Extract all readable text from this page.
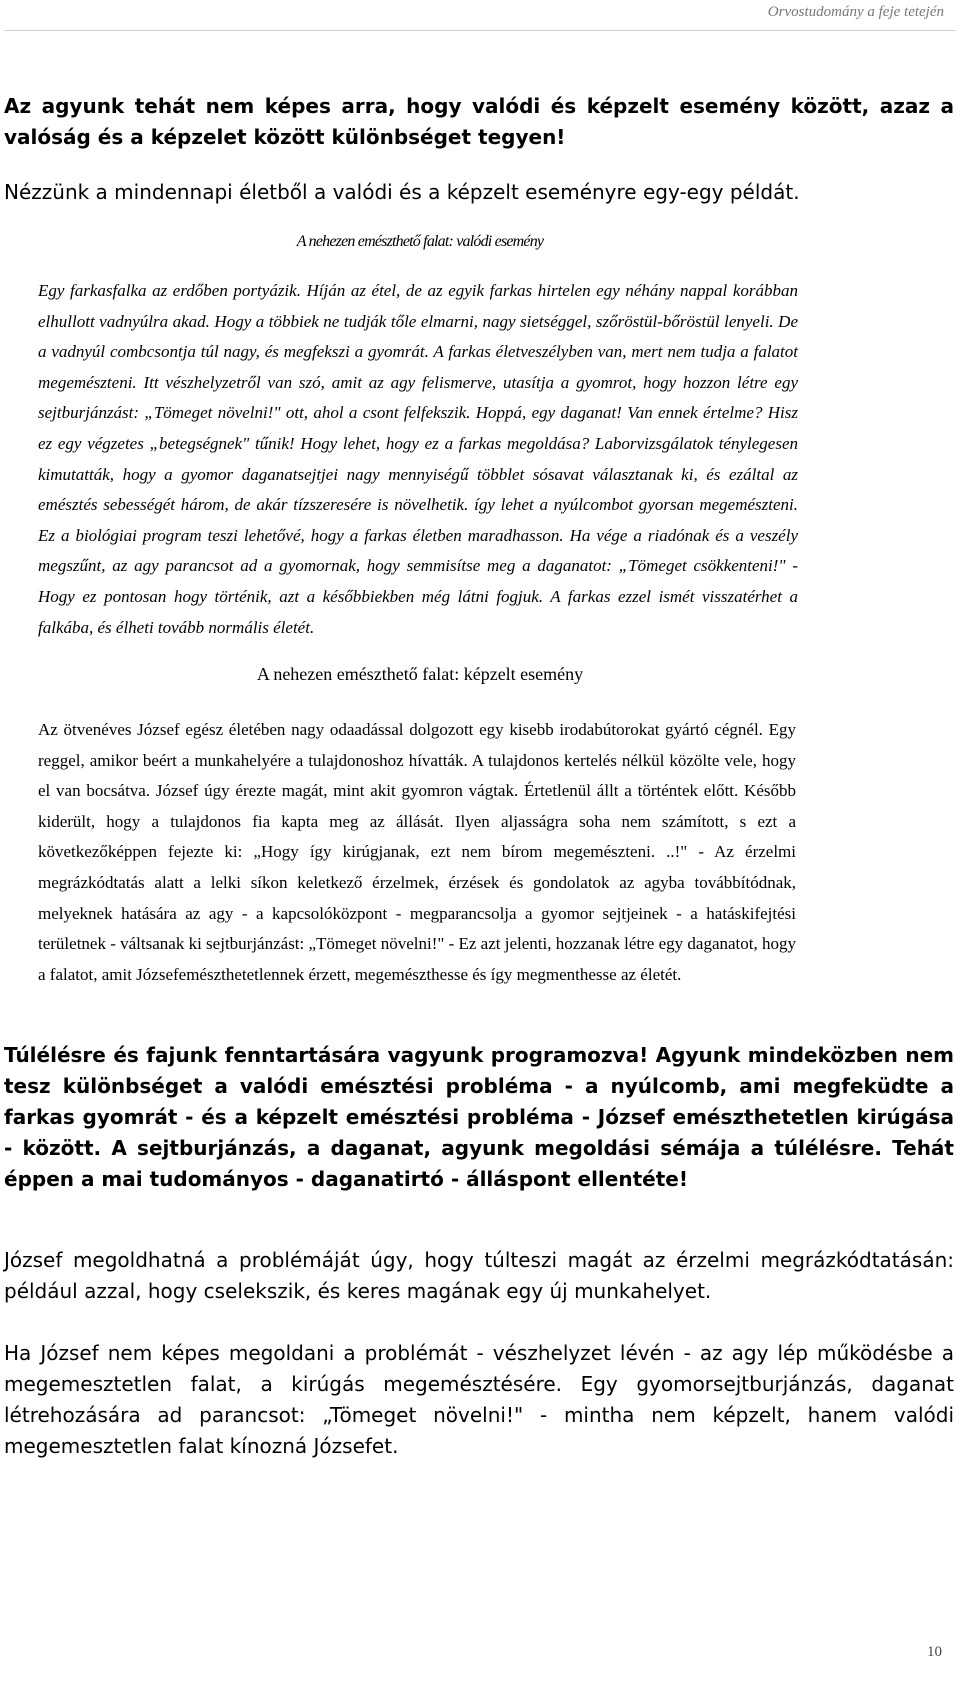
Orvostudomány a feje tetején

Az agyunk tehát nem képes arra, hogy valódi és képzelt esemény között, azaz a valóság és a képzelet között különbséget tegyen!

Nézzünk a mindennapi életből a valódi és a képzelt eseményre egy-egy példát.

A nehezen emészthető falat: valódi esemény

Egy farkasfalka az erdőben portyázik. Híján az étel, de az egyik farkas hirtelen egy néhány nappal korábban elhullott vadnyúlra akad. Hogy a többiek ne tudják tőle elmarni, nagy sietséggel, szőröstül-bőröstül lenyeli. De a vadnyúl combcsontja túl nagy, és megfekszi a gyomrát. A farkas életveszélyben van, mert nem tudja a falatot megemészteni. Itt vészhelyzetről van szó, amit az agy felismerve, utasítja a gyomrot, hogy hozzon létre egy sejtburjánzást: „Tömeget növelni!" ott, ahol a csont felfekszik. Hoppá, egy daganat! Van ennek értelme? Hisz ez egy végzetes „betegségnek" tűnik! Hogy lehet, hogy ez a farkas megoldása? Laborvizsgálatok ténylegesen kimutatták, hogy a gyomor daganatsejtjei nagy mennyiségű többlet sósavat választanak ki, és ezáltal az emésztés sebességét három, de akár tízszeresére is növelhetik. így lehet a nyúlcombot gyorsan megemészteni. Ez a biológiai program teszi lehetővé, hogy a farkas életben maradhasson. Ha vége a riadónak és a veszély megszűnt, az agy parancsot ad a gyomornak, hogy semmisítse meg a daganatot: „Tömeget csökkenteni!" - Hogy ez pontosan hogy történik, azt a későbbiekben még látni fogjuk. A farkas ezzel ismét visszatérhet a falkába, és élheti tovább normális életét.

A nehezen emészthető falat: képzelt esemény

Az ötvenéves József egész életében nagy odaadással dolgozott egy kisebb irodabútorokat gyártó cégnél. Egy reggel, amikor beért a munkahelyére a tulajdonoshoz hívatták. A tulajdonos kertelés nélkül közölte vele, hogy el van bocsátva. József úgy érezte magát, mint akit gyomron vágtak. Értetlenül állt a történtek előtt. Később kiderült, hogy a tulajdonos fia kapta meg az állását. Ilyen aljasságra soha nem számított, s ezt a következőképpen fejezte ki: „Hogy így kirúgjanak, ezt nem bírom megemészteni. ..!" - Az érzelmi megrázkódtatás alatt a lelki síkon keletkező érzelmek, érzések és gondolatok az agyba továbbítódnak, melyeknek hatására az agy - a kapcsolóközpont - megparancsolja a gyomor sejtjeinek - a hatáskifejtési területnek - váltsanak ki sejtburjánzást: „Tömeget növelni!" - Ez azt jelenti, hozzanak létre egy daganatot, hogy a falatot, amit Józsefemészthetetlennek érzett, megemészthesse és így megmenthesse az életét.

Túlélésre és fajunk fenntartására vagyunk programozva! Agyunk mindeközben nem tesz különbséget a valódi emésztési probléma - a nyúlcomb, ami megfeküdte a farkas gyomrát - és a képzelt emésztési probléma - József emészthetetlen kirúgása - között. A sejtburjánzás, a daganat, agyunk megoldási sémája a túlélésre. Tehát éppen a mai tudományos - daganatirtó - álláspont ellentéte!

József megoldhatná a problémáját úgy, hogy túlteszi magát az érzelmi megrázkódtatásán: például azzal, hogy cselekszik, és keres magának egy új munkahelyet.

Ha József nem képes megoldani a problémát - vészhelyzet lévén - az agy lép működésbe a megemesztetlen falat, a kirúgás megemésztésére. Egy gyomorsejtburjánzás, daganat létrehozására ad parancsot: „Tömeget növelni!" - mintha nem képzelt, hanem valódi megemesztetlen falat kínozná Józsefet.

10
